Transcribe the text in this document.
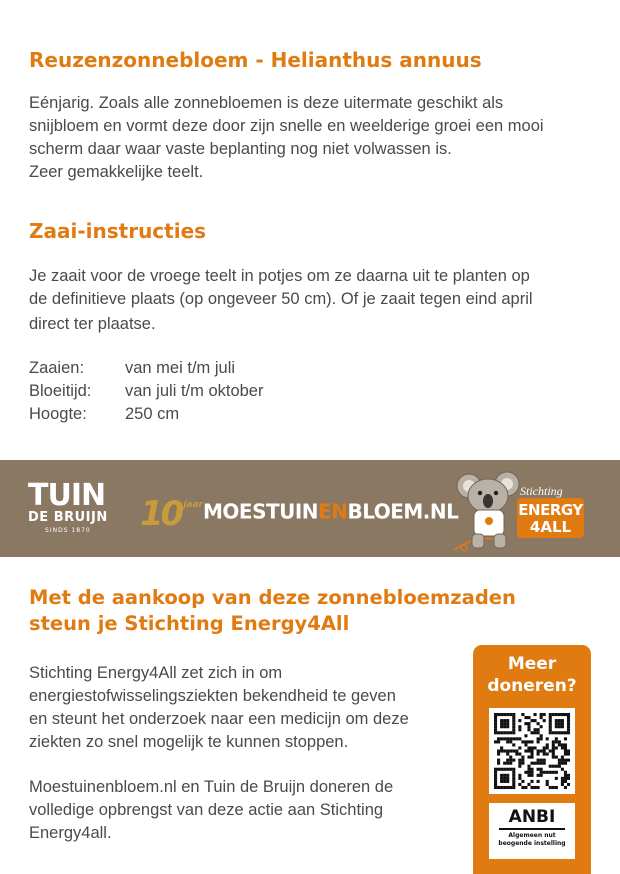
Reuzenzonnebloem - Helianthus annuus
Eénjarig. Zoals alle zonnebloemen is deze uitermate geschikt als
snijbloem en vormt deze door zijn snelle en weelderige groei een mooi
scherm daar waar vaste beplanting nog niet volwassen is.
Zeer gemakkelijke teelt.
Zaai-instructies
Je zaait voor de vroege teelt in potjes om ze daarna uit te planten op
de definitieve plaats (op ongeveer 50 cm). Of je zaait tegen eind april
direct ter plaatse.
Zaaien: van mei t/m juli
Bloeitijd: van juli t/m oktober
Hoogte: 250 cm
TUIN
DE BRUIJN
SINDS 1870	10 $^{jaar}$MOESTUINENBLOEM.NL
Stichting
ENERGY
4ALL
Met de aankoop van deze zonnebloemzaden
steun je Stichting Energy4All
Stichting Energy4All zet zich in om
energiestofwisselingsziekten bekendheid te geven
en steunt het onderzoek naar een medicijn om deze
ziekten zo snel mogelijk te kunnen stoppen.
Moestuinenbloem.nl en Tuin de Bruijn doneren de
volledige opbrengst van deze actie aan Stichting
Energy4all.
Meer
doneren?
ANBI
Algemeen nut
beogende instelling
